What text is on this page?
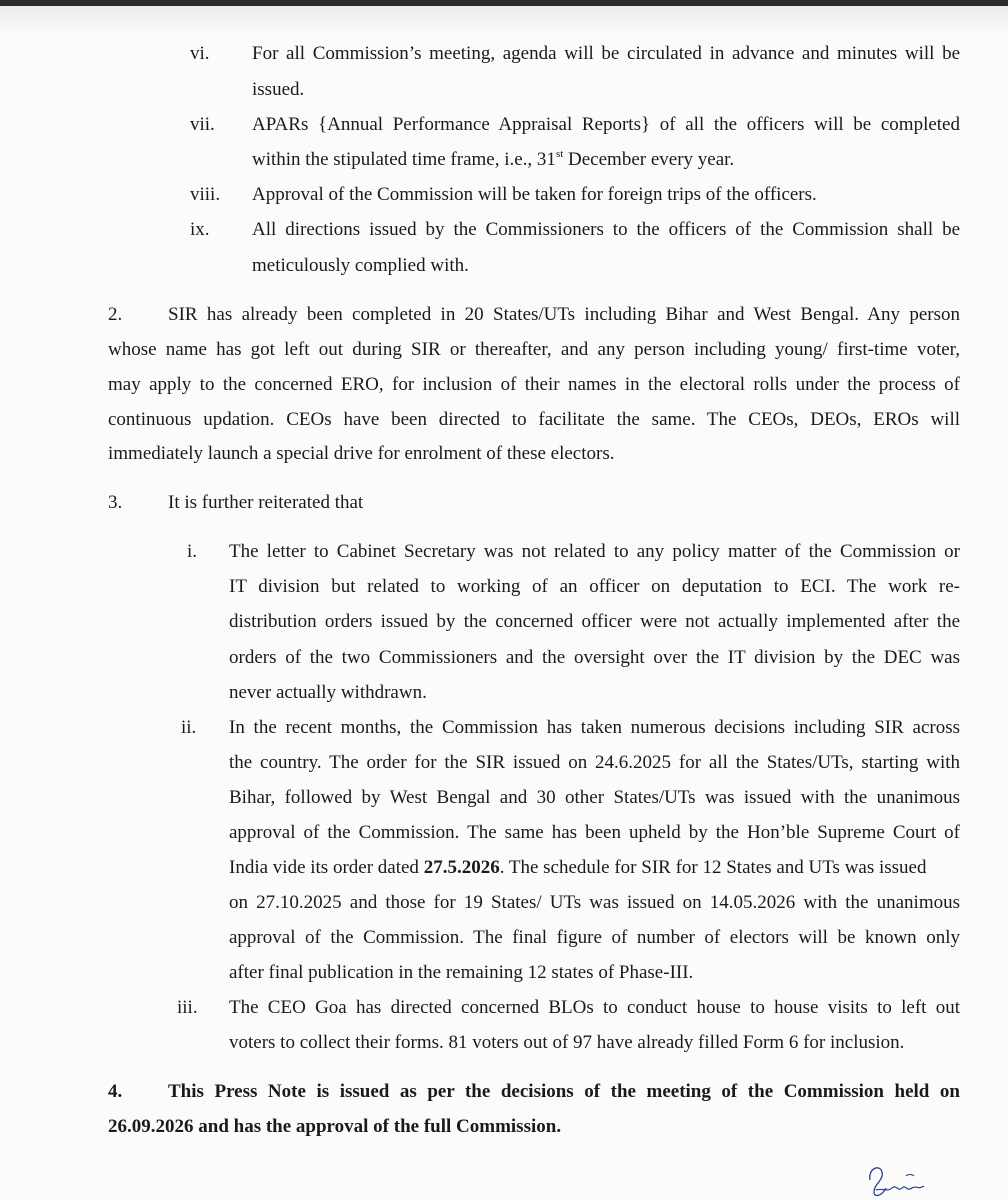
vi. For all Commission’s meeting, agenda will be circulated in advance and minutes will be
issued.
vii. APARs {Annual Performance Appraisal Reports} of all the officers will be completed
within the stipulated time frame, i.e., 31st December every year.
viii. Approval of the Commission will be taken for foreign trips of the officers.
ix. All directions issued by the Commissioners to the officers of the Commission shall be
meticulously complied with.
2. SIR has already been completed in 20 States/UTs including Bihar and West Bengal. Any person
whose name has got left out during SIR or thereafter, and any person including young/ first-time voter,
may apply to the concerned ERO, for inclusion of their names in the electoral rolls under the process of
continuous updation. CEOs have been directed to facilitate the same. The CEOs, DEOs, EROs will
immediately launch a special drive for enrolment of these electors.
3. It is further reiterated that
i. The letter to Cabinet Secretary was not related to any policy matter of the Commission or
IT division but related to working of an officer on deputation to ECI. The work re-
distribution orders issued by the concerned officer were not actually implemented after the
orders of the two Commissioners and the oversight over the IT division by the DEC was
never actually withdrawn.
ii. In the recent months, the Commission has taken numerous decisions including SIR across
the country. The order for the SIR issued on 24.6.2025 for all the States/UTs, starting with
Bihar, followed by West Bengal and 30 other States/UTs was issued with the unanimous
approval of the Commission. The same has been upheld by the Hon’ble Supreme Court of
India vide its order dated 27.5.2026. The schedule for SIR for 12 States and UTs was issued
on 27.10.2025 and those for 19 States/ UTs was issued on 14.05.2026 with the unanimous
approval of the Commission. The final figure of number of electors will be known only
after final publication in the remaining 12 states of Phase-III.
iii. The CEO Goa has directed concerned BLOs to conduct house to house visits to left out
voters to collect their forms. 81 voters out of 97 have already filled Form 6 for inclusion.
4. This Press Note is issued as per the decisions of the meeting of the Commission held on
26.09.2026 and has the approval of the full Commission.
